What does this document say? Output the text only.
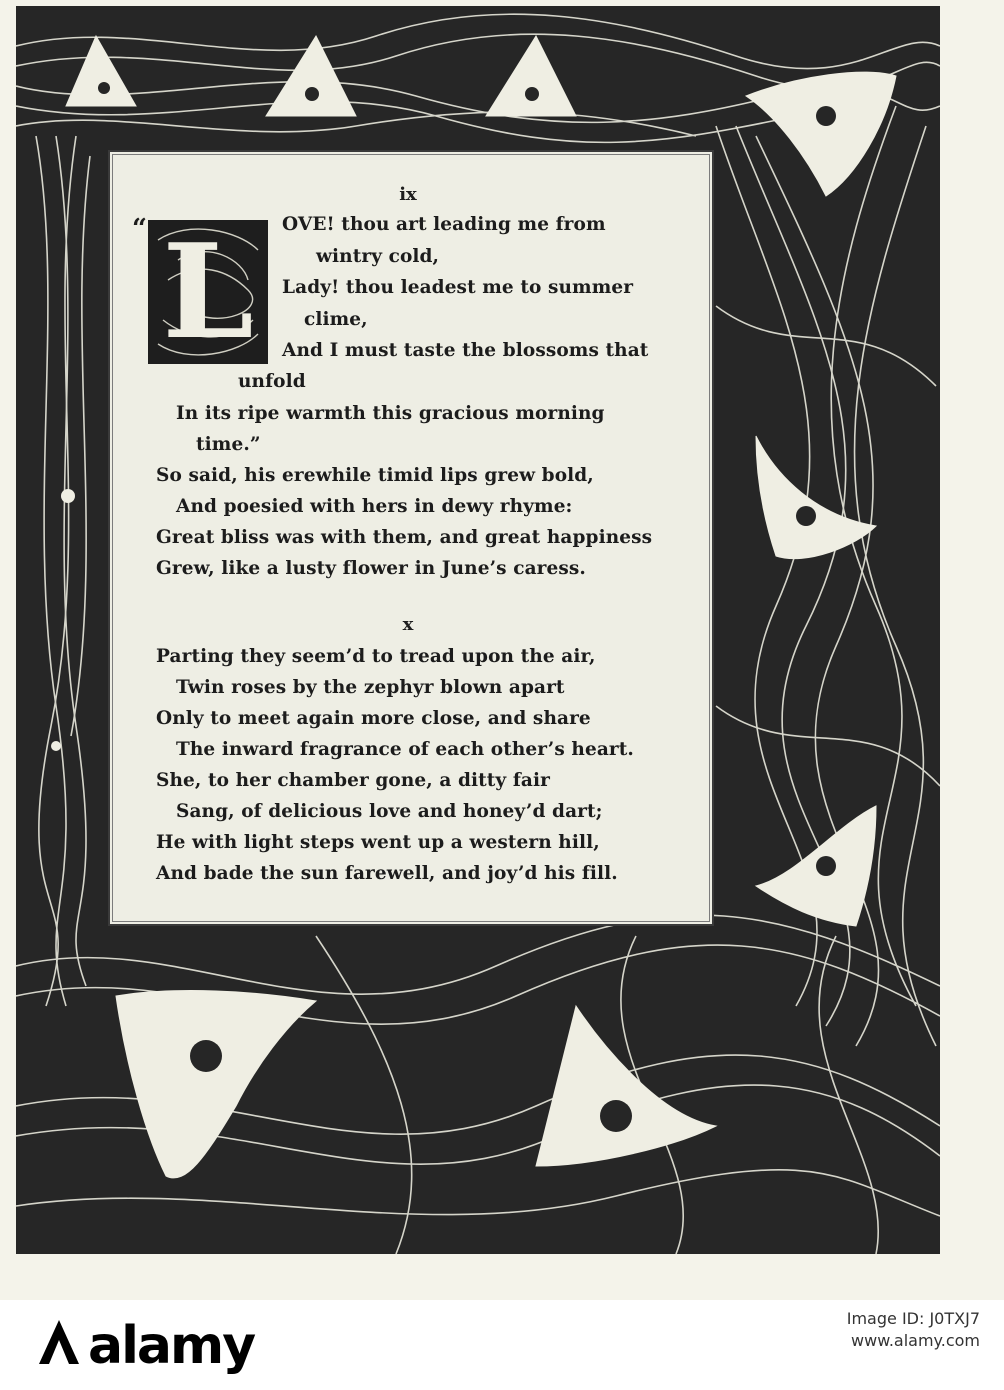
ix
“ L	OVE! thou art leading me from
wintry cold,
Lady! thou leadest me to summer
clime,
And I must taste the blossoms that
unfold
In its ripe warmth this gracious morning
time.”
So said, his erewhile timid lips grew bold,
And poesied with hers in dewy rhyme:
Great bliss was with them, and great happiness
Grew, like a lusty flower in June’s caress.
x
Parting they seem’d to tread upon the air,
Twin roses by the zephyr blown apart
Only to meet again more close, and share
The inward fragrance of each other’s heart.
She, to her chamber gone, a ditty fair
Sang, of delicious love and honey’d dart;
He with light steps went up a western hill,
And bade the sun farewell, and joy’d his fill.
alamy	Image ID: J0TXJ7
www.alamy.com
